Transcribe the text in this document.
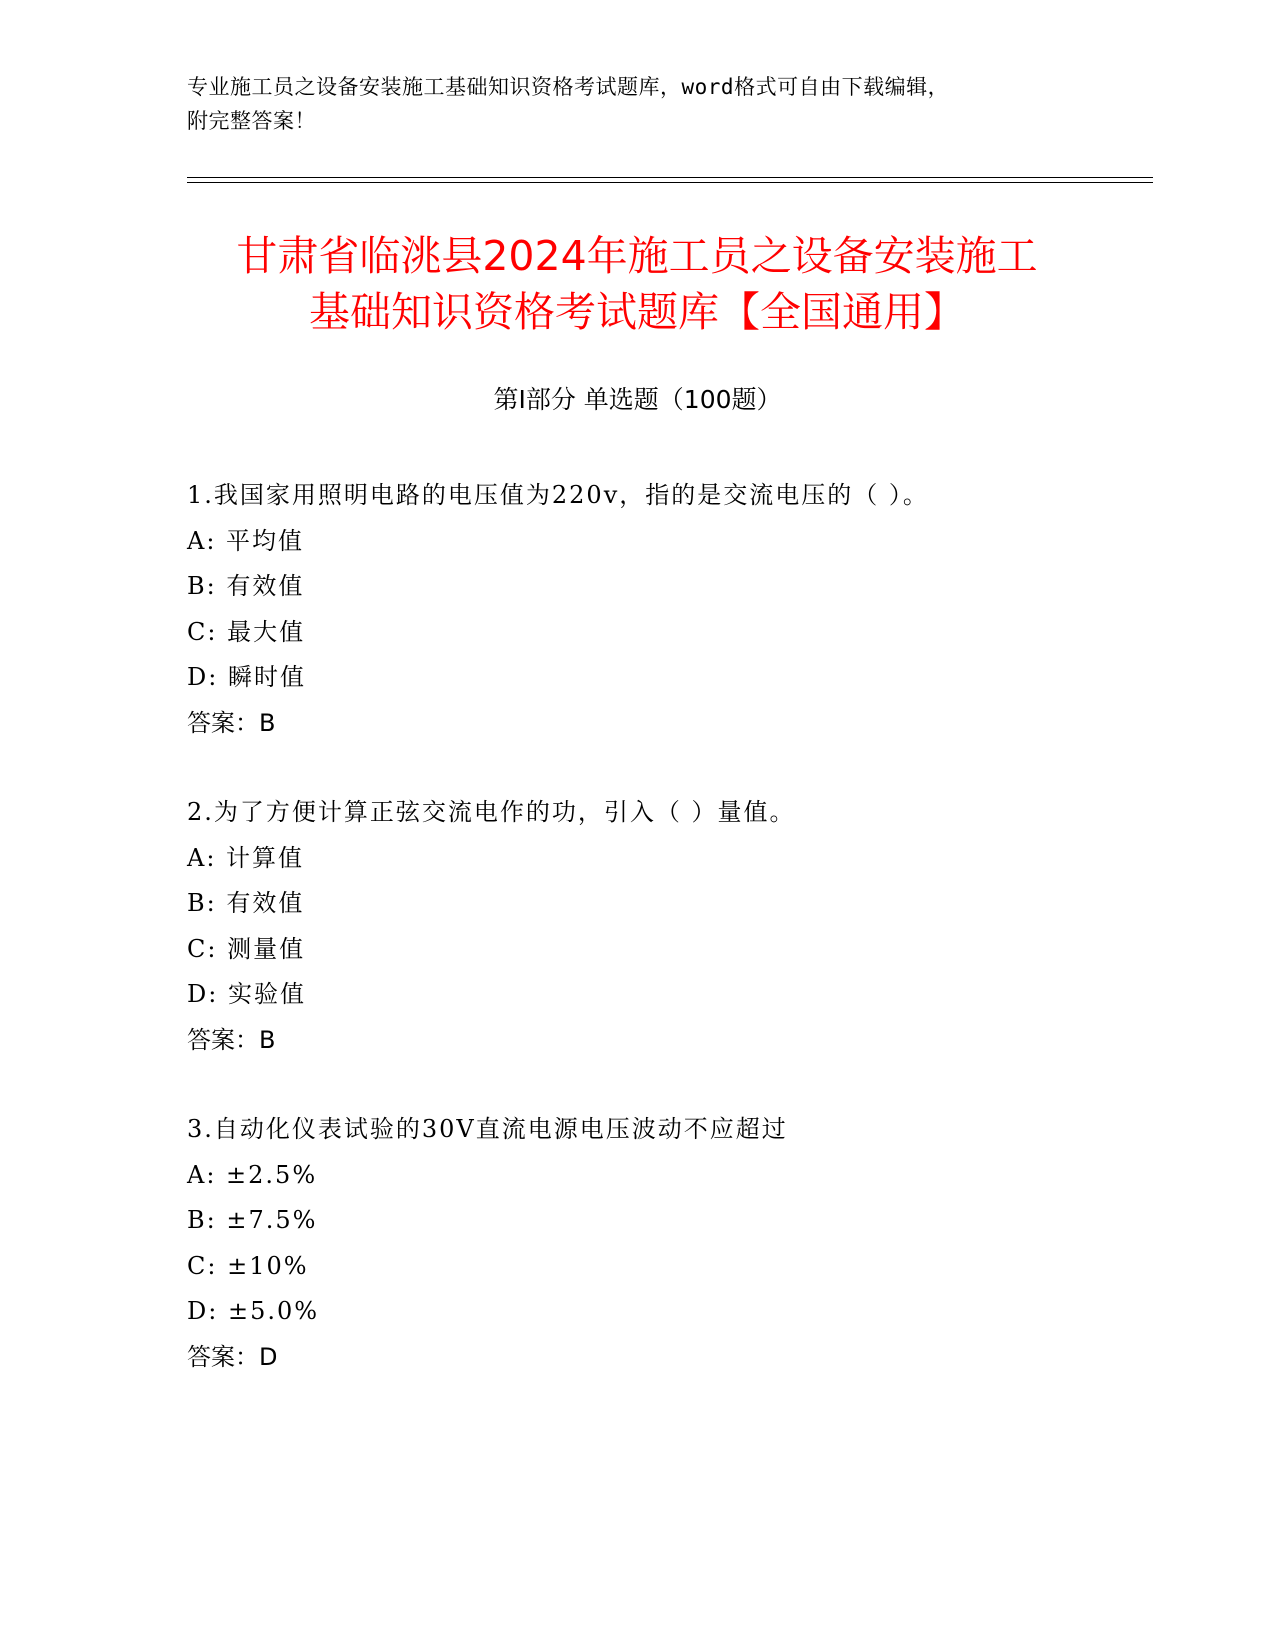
专业施工员之设备安装施工基础知识资格考试题库，word格式可自由下载编辑，
附完整答案！
甘肃省临洮县2024年施工员之设备安装施工
基础知识资格考试题库【全国通用】
第Ⅰ部分 单选题（100题）
1.我国家用照明电路的电压值为220v，指的是交流电压的（ ）。
A: 平均值
B: 有效值
C: 最大值
D: 瞬时值
答案：B
2.为了方便计算正弦交流电作的功，引入（ ）量值。
A: 计算值
B: 有效值
C: 测量值
D: 实验值
答案：B
3.自动化仪表试验的30V直流电源电压波动不应超过
A: ±2.5%
B: ±7.5%
C: ±10%
D: ±5.0%
答案：D
